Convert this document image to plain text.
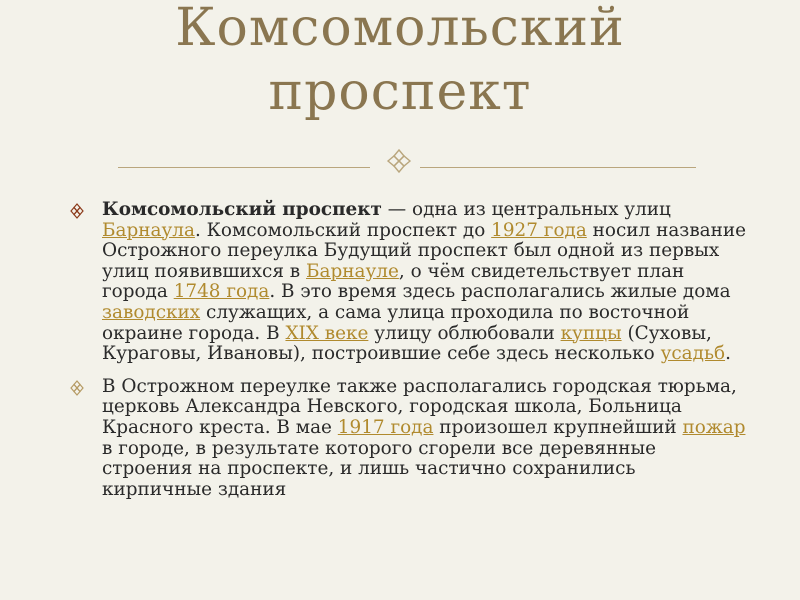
Комсомольский
проспект

Комсомольский проспект — одна из центральных улиц Барнаула. Комсомольский проспект до 1927 года носил название Острожного переулка Будущий проспект был одной из первых улиц появившихся в Барнауле, о чём свидетельствует план города 1748 года. В это время здесь располагались жилые дома заводских служащих, а сама улица проходила по восточной окраине города. В XIX веке улицу облюбовали купцы (Суховы, Кураговы, Ивановы), построившие себе здесь несколько усадьб.

В Острожном переулке также располагались городская тюрьма, церковь Александра Невского, городская школа, Больница Красного креста. В мае 1917 года произошел крупнейший пожар в городе, в результате которого сгорели все деревянные строения на проспекте, и лишь частично сохранились кирпичные здания
